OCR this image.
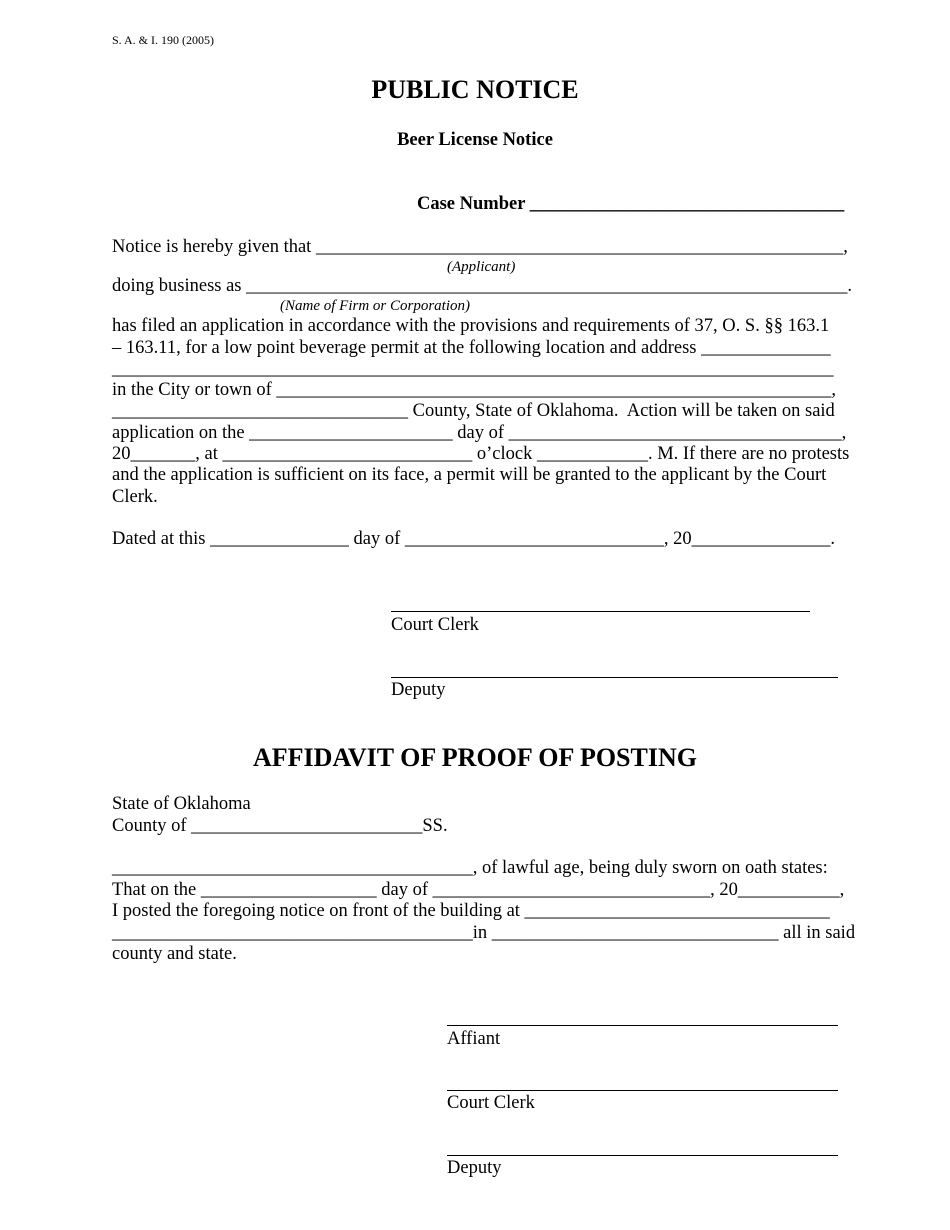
S. A. & I. 190 (2005)
PUBLIC NOTICE
Beer License Notice
Case Number __________________________________
Notice is hereby given that _________________________________________________________,
(Applicant)
doing business as _________________________________________________________________.
(Name of Firm or Corporation)
has filed an application in accordance with the provisions and requirements of 37, O. S. §§ 163.1
– 163.11, for a low point beverage permit at the following location and address ______________
______________________________________________________________________________
in the City or town of ____________________________________________________________,
________________________________ County, State of Oklahoma.  Action will be taken on said
application on the ______________________ day of ____________________________________,
20_______, at ___________________________ o’clock ____________. M. If there are no protests
and the application is sufficient on its face, a permit will be granted to the applicant by the Court
Clerk.
Dated at this _______________ day of ____________________________, 20_______________.
Court Clerk
Deputy
AFFIDAVIT OF PROOF OF POSTING
State of Oklahoma
County of _________________________SS.
_______________________________________, of lawful age, being duly sworn on oath states:
That on the ___________________ day of ______________________________, 20___________,
I posted the foregoing notice on front of the building at _________________________________
_______________________________________in _______________________________ all in said
county and state.
Affiant
Court Clerk
Deputy
